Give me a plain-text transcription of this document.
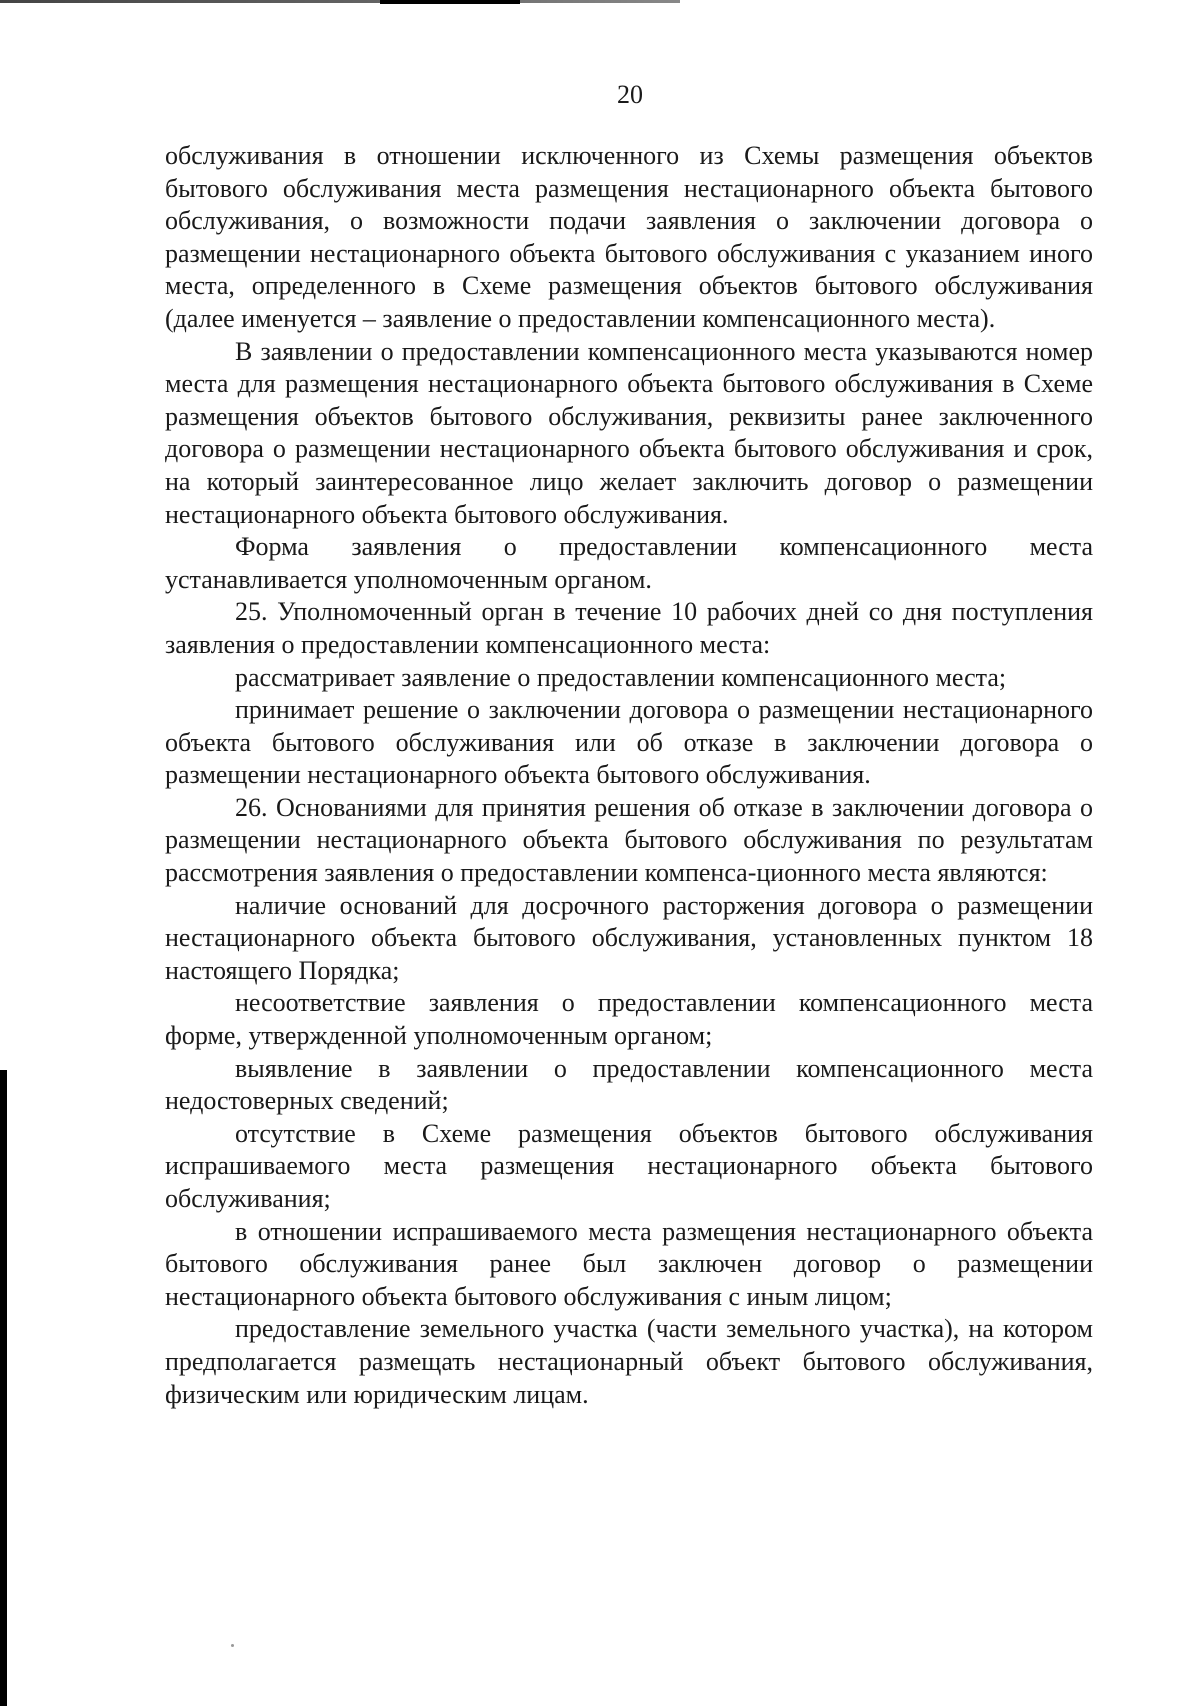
20

обслуживания в отношении исключенного из Схемы размещения объектов бытового обслуживания места размещения нестационарного объекта бытового обслуживания, о возможности подачи заявления о заключении договора о размещении нестационарного объекта бытового обслуживания с указанием иного места, определенного в Схеме размещения объектов бытового обслуживания (далее именуется – заявление о предоставлении компенсационного места).

В заявлении о предоставлении компенсационного места указываются номер места для размещения нестационарного объекта бытового обслуживания в Схеме размещения объектов бытового обслуживания, реквизиты ранее заключенного договора о размещении нестационарного объекта бытового обслуживания и срок, на который заинтересованное лицо желает заключить договор о размещении нестационарного объекта бытового обслуживания.

Форма заявления о предоставлении компенсационного места устанавливается уполномоченным органом.

25. Уполномоченный орган в течение 10 рабочих дней со дня поступления заявления о предоставлении компенсационного места:

рассматривает заявление о предоставлении компенсационного места;

принимает решение о заключении договора о размещении нестационарного объекта бытового обслуживания или об отказе в заключении договора о размещении нестационарного объекта бытового обслуживания.

26. Основаниями для принятия решения об отказе в заключении договора о размещении нестационарного объекта бытового обслуживания по результатам рассмотрения заявления о предоставлении компенса-ционного места являются:

наличие оснований для досрочного расторжения договора о размещении нестационарного объекта бытового обслуживания, установленных пунктом 18 настоящего Порядка;

несоответствие заявления о предоставлении компенсационного места форме, утвержденной уполномоченным органом;

выявление в заявлении о предоставлении компенсационного места недостоверных сведений;

отсутствие в Схеме размещения объектов бытового обслуживания испрашиваемого места размещения нестационарного объекта бытового обслуживания;

в отношении испрашиваемого места размещения нестационарного объекта бытового обслуживания ранее был заключен договор о размещении нестационарного объекта бытового обслуживания с иным лицом;

предоставление земельного участка (части земельного участка), на котором предполагается размещать нестационарный объект бытового обслуживания, физическим или юридическим лицам.
